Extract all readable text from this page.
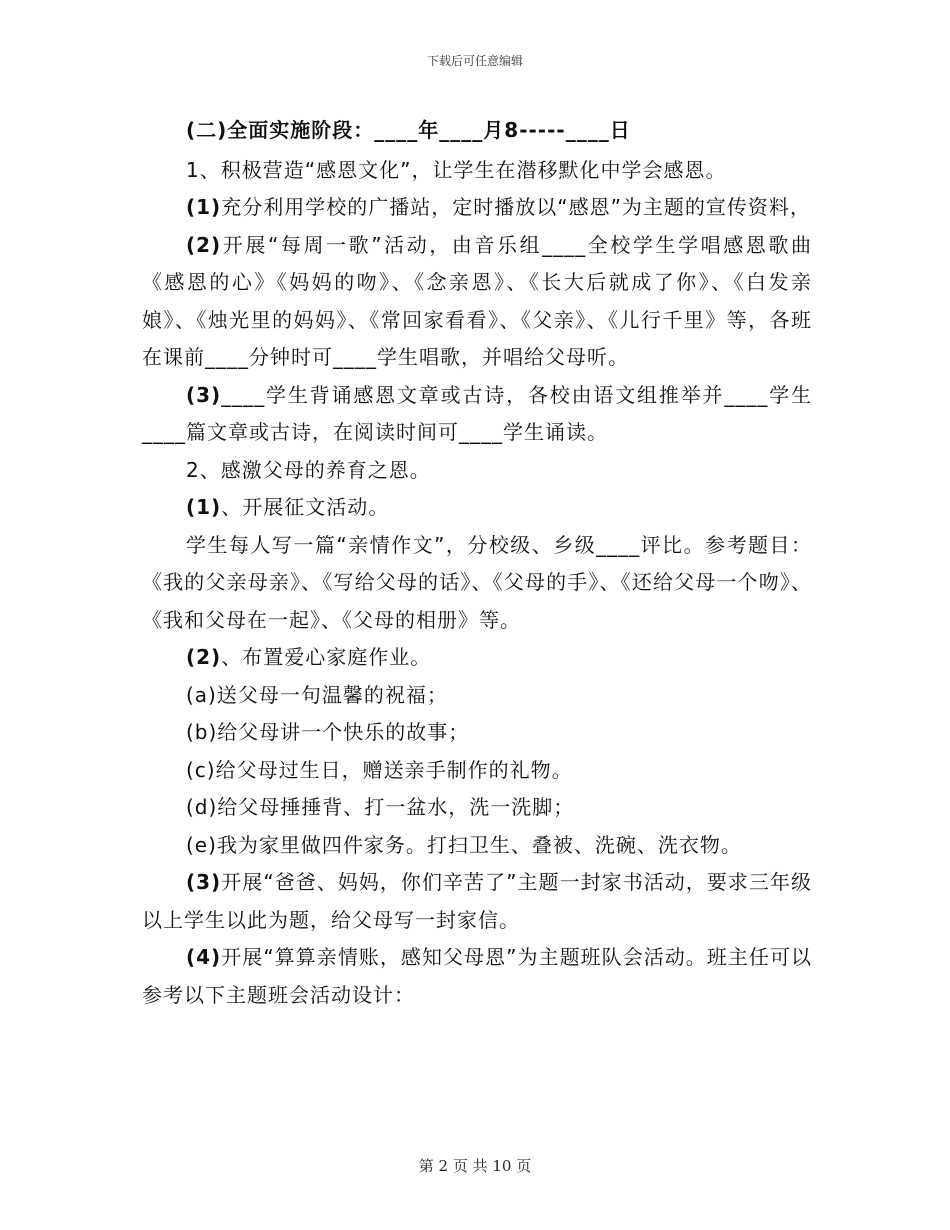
下载后可任意编辑

(二)全面实施阶段：____年____月8-----____日

1、积极营造“感恩文化”，让学生在潜移默化中学会感恩。

(1)充分利用学校的广播站，定时播放以“感恩”为主题的宣传资料，

(2)开展“每周一歌”活动，由音乐组____全校学生学唱感恩歌曲《感恩的心》《妈妈的吻》、《念亲恩》、《长大后就成了你》、《白发亲娘》、《烛光里的妈妈》、《常回家看看》、《父亲》、《儿行千里》等，各班在课前____分钟时可____学生唱歌，并唱给父母听。

(3)____学生背诵感恩文章或古诗，各校由语文组推举并____学生____篇文章或古诗，在阅读时间可____学生诵读。

2、感激父母的养育之恩。

(1)、开展征文活动。

学生每人写一篇“亲情作文”，分校级、乡级____评比。参考题目：《我的父亲母亲》、《写给父母的话》、《父母的手》、《还给父母一个吻》、《我和父母在一起》、《父母的相册》等。

(2)、布置爱心家庭作业。

(a)送父母一句温馨的祝福；

(b)给父母讲一个快乐的故事；

(c)给父母过生日，赠送亲手制作的礼物。

(d)给父母捶捶背、打一盆水，洗一洗脚；

(e)我为家里做四件家务。打扫卫生、叠被、洗碗、洗衣物。

(3)开展“爸爸、妈妈，你们辛苦了”主题一封家书活动，要求三年级以上学生以此为题，给父母写一封家信。

(4)开展“算算亲情账，感知父母恩”为主题班队会活动。班主任可以参考以下主题班会活动设计：

第 2 页 共 10 页
